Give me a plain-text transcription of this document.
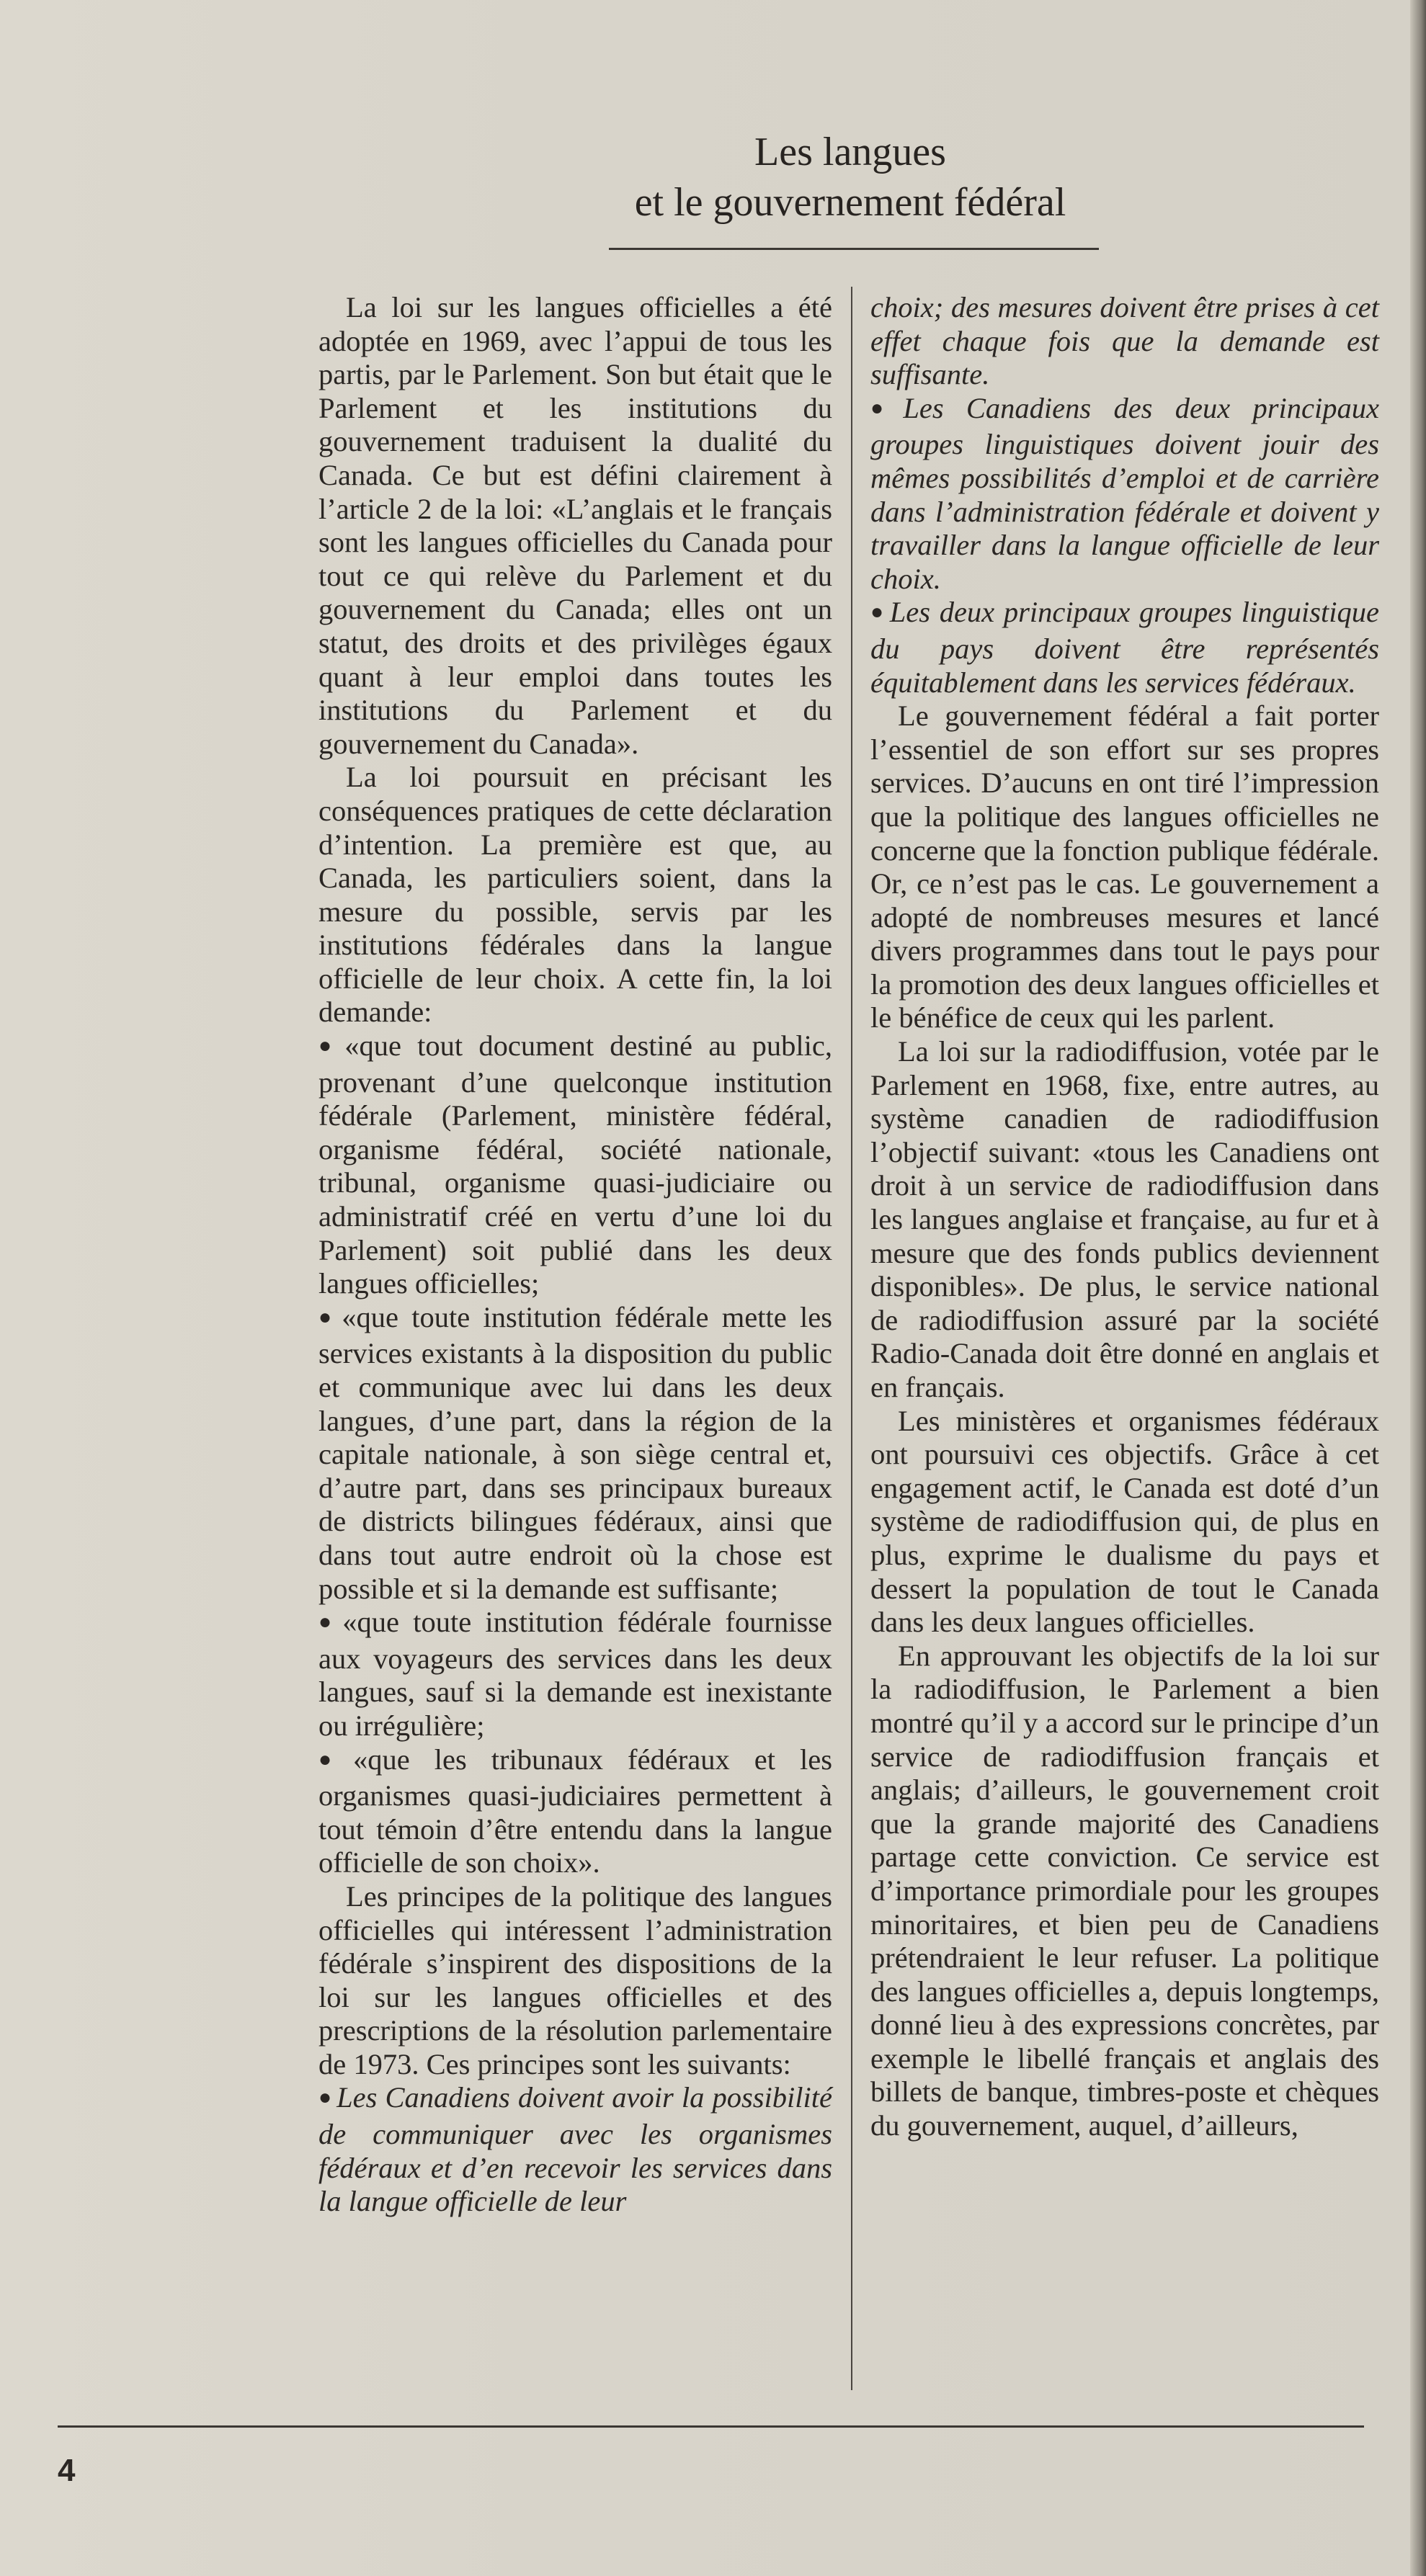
Les langues
et le gouvernement fédéral

La loi sur les langues officielles a été adoptée en 1969, avec l’appui de tous les partis, par le Parlement. Son but était que le Parlement et les institutions du gouvernement traduisent la dualité du Canada. Ce but est défini clairement à l’article 2 de la loi: «L’anglais et le français sont les langues officielles du Canada pour tout ce qui relève du Parlement et du gouvernement du Canada; elles ont un statut, des droits et des privilèges égaux quant à leur emploi dans toutes les institutions du Parlement et du gouvernement du Canada».

La loi poursuit en précisant les conséquences pratiques de cette déclaration d’intention. La première est que, au Canada, les particuliers soient, dans la mesure du possible, servis par les institutions fédérales dans la langue officielle de leur choix. A cette fin, la loi demande:

● «que tout document destiné au public, provenant d’une quelconque institution fédérale (Parlement, ministère fédéral, organisme fédéral, société nationale, tribunal, organisme quasi-judiciaire ou administratif créé en vertu d’une loi du Parlement) soit publié dans les deux langues officielles;

● «que toute institution fédérale mette les services existants à la disposition du public et communique avec lui dans les deux langues, d’une part, dans la région de la capitale nationale, à son siège central et, d’autre part, dans ses principaux bureaux de districts bilingues fédéraux, ainsi que dans tout autre endroit où la chose est possible et si la demande est suffisante;

● «que toute institution fédérale fournisse aux voyageurs des services dans les deux langues, sauf si la demande est inexistante ou irrégulière;

● «que les tribunaux fédéraux et les organismes quasi-judiciaires permettent à tout témoin d’être entendu dans la langue officielle de son choix».

Les principes de la politique des langues officielles qui intéressent l’administration fédérale s’inspirent des dispositions de la loi sur les langues officielles et des prescriptions de la résolution parlementaire de 1973. Ces principes sont les suivants:

● Les Canadiens doivent avoir la possibilité de communiquer avec les organismes fédéraux et d’en recevoir les services dans la langue officielle de leur

choix; des mesures doivent être prises à cet effet chaque fois que la demande est suffisante.

● Les Canadiens des deux principaux groupes linguistiques doivent jouir des mêmes possibilités d’emploi et de carrière dans l’administration fédérale et doivent y travailler dans la langue officielle de leur choix.

● Les deux principaux groupes linguistique du pays doivent être représentés équitablement dans les services fédéraux.

Le gouvernement fédéral a fait porter l’essentiel de son effort sur ses propres services. D’aucuns en ont tiré l’impression que la politique des langues officielles ne concerne que la fonction publique fédérale. Or, ce n’est pas le cas. Le gouvernement a adopté de nombreuses mesures et lancé divers programmes dans tout le pays pour la promotion des deux langues officielles et le bénéfice de ceux qui les parlent.

La loi sur la radiodiffusion, votée par le Parlement en 1968, fixe, entre autres, au système canadien de radiodiffusion l’objectif suivant: «tous les Canadiens ont droit à un service de radiodiffusion dans les langues anglaise et française, au fur et à mesure que des fonds publics deviennent disponibles». De plus, le service national de radiodiffusion assuré par la société Radio-Canada doit être donné en anglais et en français.

Les ministères et organismes fédéraux ont poursuivi ces objectifs. Grâce à cet engagement actif, le Canada est doté d’un système de radiodiffusion qui, de plus en plus, exprime le dualisme du pays et dessert la population de tout le Canada dans les deux langues officielles.

En approuvant les objectifs de la loi sur la radiodiffusion, le Parlement a bien montré qu’il y a accord sur le principe d’un service de radiodiffusion français et anglais; d’ailleurs, le gouvernement croit que la grande majorité des Canadiens partage cette conviction. Ce service est d’importance primordiale pour les groupes minoritaires, et bien peu de Canadiens prétendraient le leur refuser. La politique des langues officielles a, depuis longtemps, donné lieu à des expressions concrètes, par exemple le libellé français et anglais des billets de banque, timbres-poste et chèques du gouvernement, auquel, d’ailleurs,

4
